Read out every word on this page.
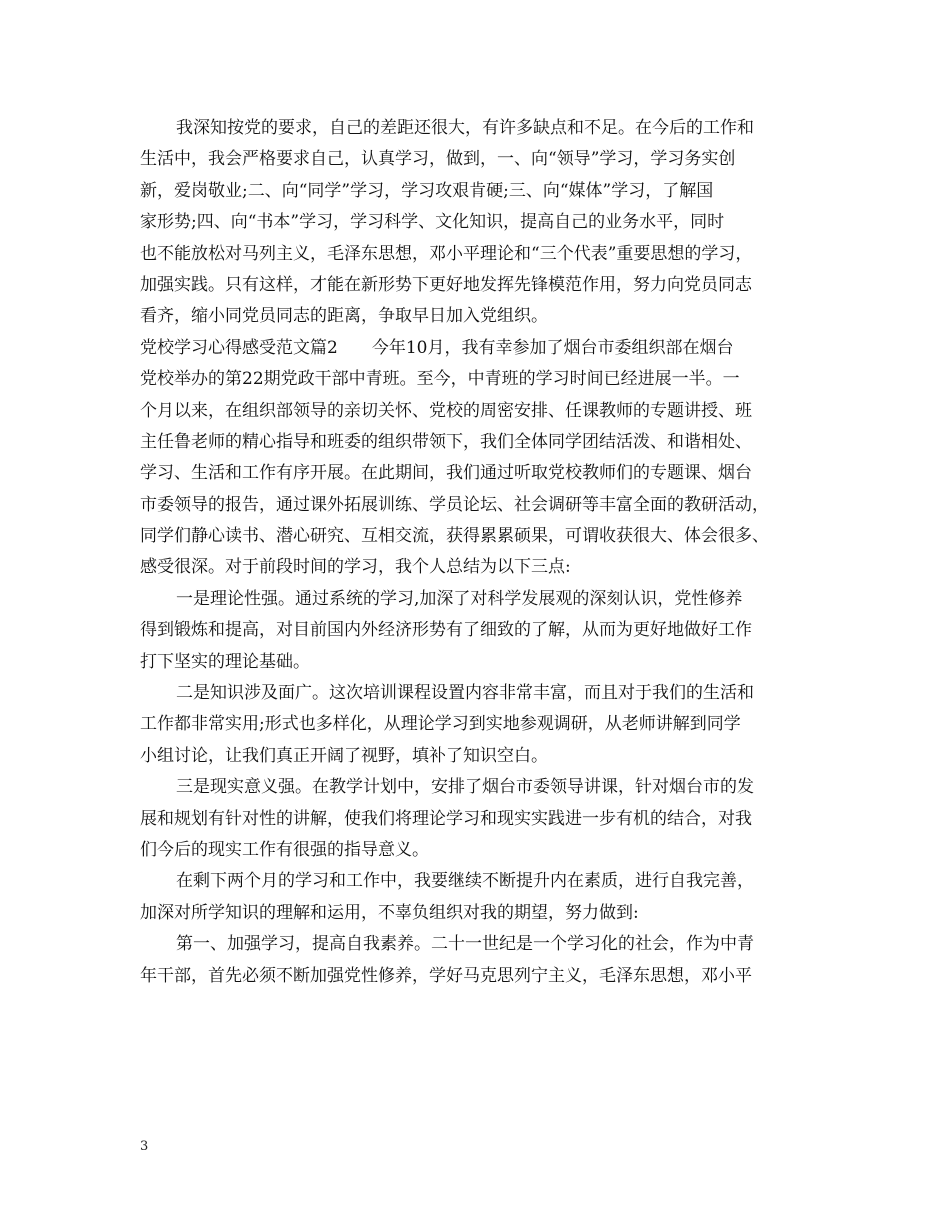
我深知按党的要求，自己的差距还很大，有许多缺点和不足。在今后的工作和
生活中，我会严格要求自己，认真学习，做到，一、向“领导”学习，学习务实创
新，爱岗敬业;二、向“同学”学习，学习攻艰肯硬;三、向“媒体”学习，了解国
家形势;四、向“书本”学习，学习科学、文化知识，提高自己的业务水平，同时
也不能放松对马列主义，毛泽东思想，邓小平理论和“三个代表”重要思想的学习，
加强实践。只有这样，才能在新形势下更好地发挥先锋模范作用，努力向党员同志
看齐，缩小同党员同志的距离，争取早日加入党组织。
党校学习心得感受范文篇2　　今年10月，我有幸参加了烟台市委组织部在烟台
党校举办的第22期党政干部中青班。至今，中青班的学习时间已经进展一半。一
个月以来，在组织部领导的亲切关怀、党校的周密安排、任课教师的专题讲授、班
主任鲁老师的精心指导和班委的组织带领下，我们全体同学团结活泼、和谐相处、
学习、生活和工作有序开展。在此期间，我们通过听取党校教师们的专题课、烟台
市委领导的报告，通过课外拓展训练、学员论坛、社会调研等丰富全面的教研活动，
同学们静心读书、潜心研究、互相交流，获得累累硕果，可谓收获很大、体会很多、
感受很深。对于前段时间的学习，我个人总结为以下三点:
一是理论性强。通过系统的学习,加深了对科学发展观的深刻认识，党性修养
得到锻炼和提高，对目前国内外经济形势有了细致的了解，从而为更好地做好工作
打下坚实的理论基础。
二是知识涉及面广。这次培训课程设置内容非常丰富，而且对于我们的生活和
工作都非常实用;形式也多样化，从理论学习到实地参观调研，从老师讲解到同学
小组讨论，让我们真正开阔了视野，填补了知识空白。
三是现实意义强。在教学计划中，安排了烟台市委领导讲课，针对烟台市的发
展和规划有针对性的讲解，使我们将理论学习和现实实践进一步有机的结合，对我
们今后的现实工作有很强的指导意义。
在剩下两个月的学习和工作中，我要继续不断提升内在素质，进行自我完善，
加深对所学知识的理解和运用，不辜负组织对我的期望，努力做到:
第一、加强学习，提高自我素养。二十一世纪是一个学习化的社会，作为中青
年干部，首先必须不断加强党性修养，学好马克思列宁主义，毛泽东思想，邓小平
3
